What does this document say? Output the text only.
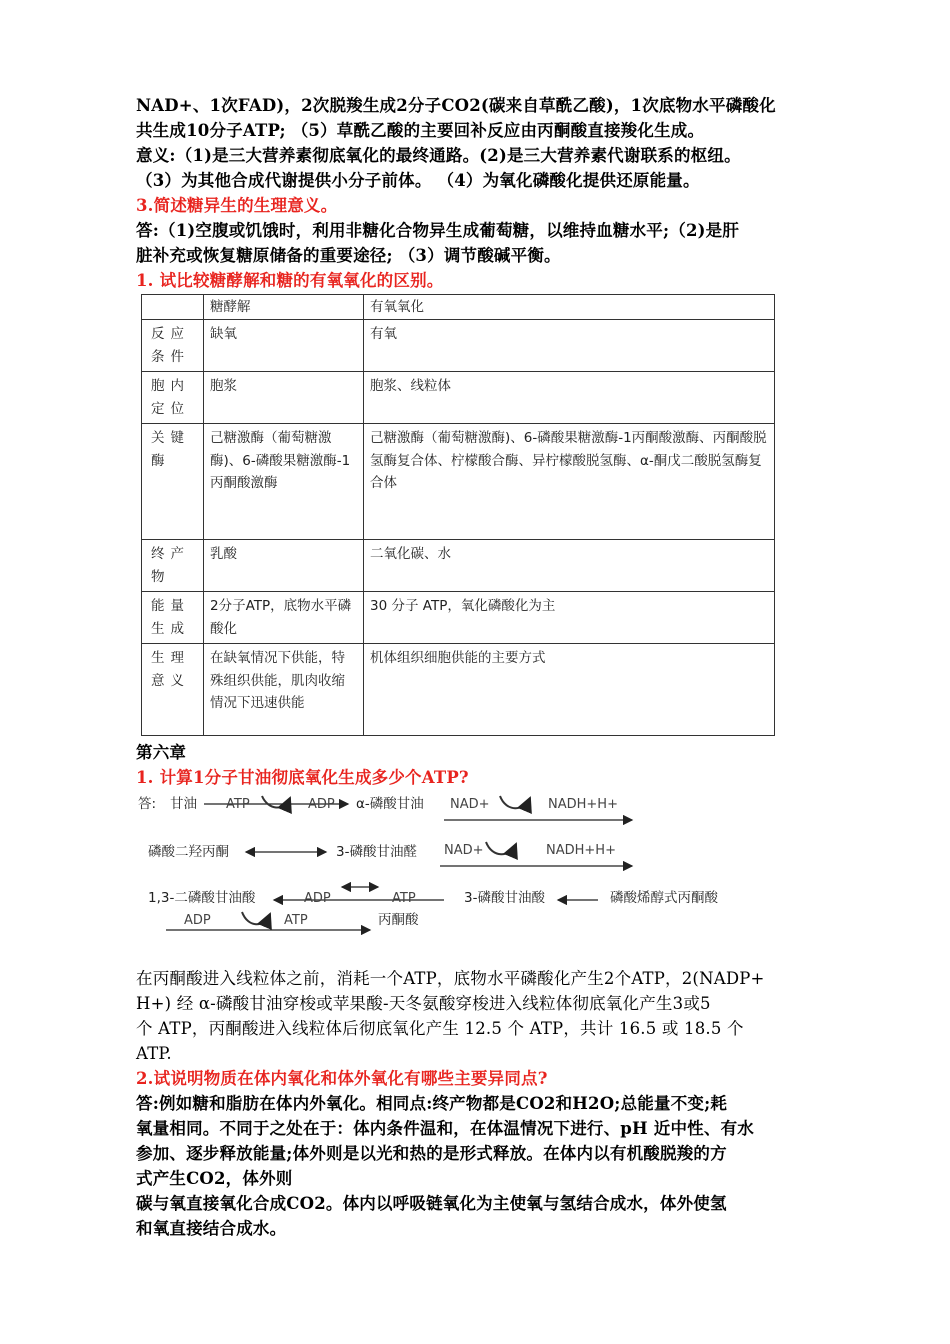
NAD+、1次FAD)，2次脱羧生成2分子CO2(碳来自草酰乙酸)，1次底物水平磷酸化
共生成10分子ATP; （5）草酰乙酸的主要回补反应由丙酮酸直接羧化生成。
意义:（1)是三大营养素彻底氧化的最终通路。(2)是三大营养素代谢联系的枢纽。
（3）为其他合成代谢提供小分子前体。 （4）为氧化磷酸化提供还原能量。
3.简述糖异生的生理意义。
答:（1)空腹或饥饿时，利用非糖化合物异生成葡萄糖，以维持血糖水平;（2)是肝
脏补充或恢复糖原储备的重要途径; （3）调节酸碱平衡。
1. 试比较糖酵解和糖的有氧氧化的区别。
	糖酵解	有氧氧化
反应条件	缺氧	有氧
胞内定位	胞浆	胞浆、线粒体
关键酶	己糖激酶（葡萄糖激酶)、6-磷酸果糖激酶-1丙酮酸激酶	己糖激酶（葡萄糖激酶)、6-磷酸果糖激酶-1丙酮酸激酶、丙酮酸脱氢酶复合体、柠檬酸合酶、异柠檬酸脱氢酶、α-酮戊二酸脱氢酶复合体
终产物	乳酸	二氧化碳、水
能量生成	2分子ATP，底物水平磷酸化	30 分子 ATP，氧化磷酸化为主
生理意义	在缺氧情况下供能，特殊组织供能，肌肉收缩情况下迅速供能	机体组织细胞供能的主要方式
第六章
1. 计算1分子甘油彻底氧化生成多少个ATP?
答: 甘油 ATP	ADP α-磷酸甘油 NAD+	NADH+H+
磷酸二羟丙酮	3-磷酸甘油醛 NAD+	NADH+H+
1,3-二磷酸甘油酸	ADP	ATP	3-磷酸甘油酸	磷酸烯醇式丙酮酸
ADP	ATP	丙酮酸
在丙酮酸进入线粒体之前，消耗一个ATP，底物水平磷酸化产生2个ATP，2(NADP+
H+) 经 α-磷酸甘油穿梭或苹果酸-天冬氨酸穿梭进入线粒体彻底氧化产生3或5
个 ATP，丙酮酸进入线粒体后彻底氧化产生 12.5 个 ATP，共计 16.5 或 18.5 个
ATP.
2.试说明物质在体内氧化和体外氧化有哪些主要异同点?
答:例如糖和脂肪在体内外氧化。相同点:终产物都是CO2和H2O;总能量不变;耗
氧量相同。不同于之处在于：体内条件温和，在体温情况下进行、pH 近中性、有水
参加、逐步释放能量;体外则是以光和热的是形式释放。在体内以有机酸脱羧的方
式产生CO2，体外则
碳与氧直接氧化合成CO2。体内以呼吸链氧化为主使氧与氢结合成水，体外使氢
和氧直接结合成水。
